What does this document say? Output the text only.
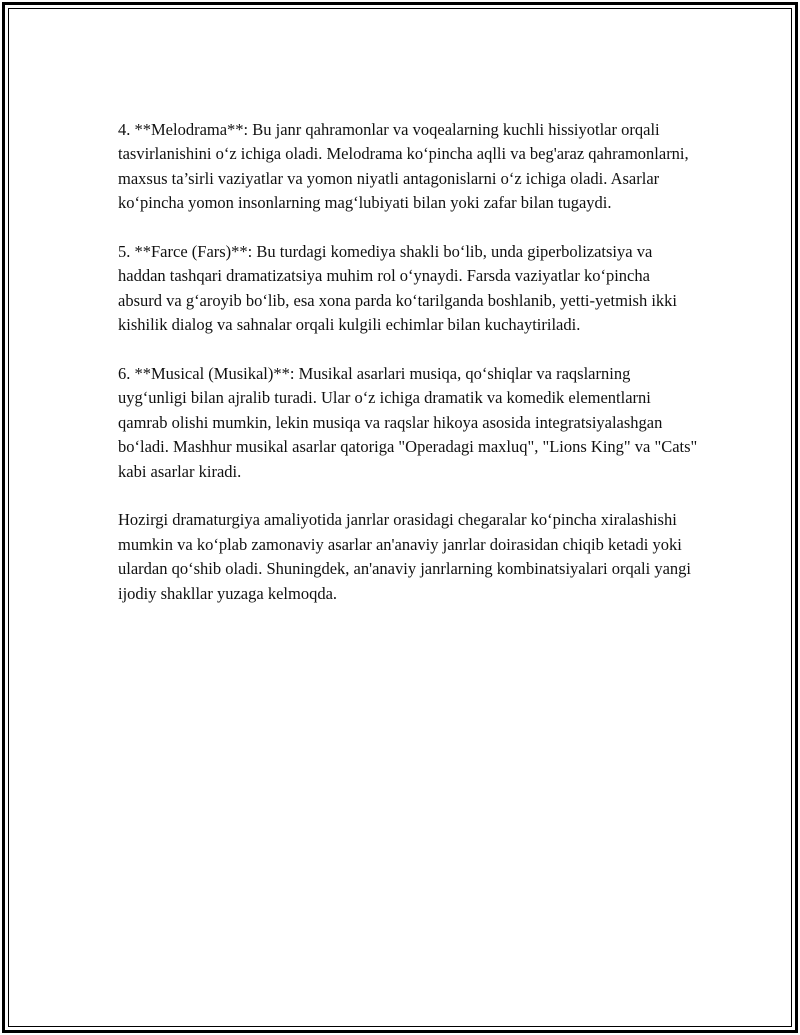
4. **Melodrama**: Bu janr qahramonlar va voqealarning kuchli hissiyotlar orqali tasvirlanishini o‘z ichiga oladi. Melodrama ko‘pincha aqlli va beg'araz qahramonlarni, maxsus ta’sirli vaziyatlar va yomon niyatli antagonislarni o‘z ichiga oladi. Asarlar ko‘pincha yomon insonlarning mag‘lubiyati bilan yoki zafar bilan tugaydi.

5. **Farce (Fars)**: Bu turdagi komediya shakli bo‘lib, unda giperbolizatsiya va haddan tashqari dramatizatsiya muhim rol o‘ynaydi. Farsda vaziyatlar ko‘pincha absurd va g‘aroyib bo‘lib, esa xona parda ko‘tarilganda boshlanib, yetti-yetmish ikki kishilik dialog va sahnalar orqali kulgili echimlar bilan kuchaytiriladi.

6. **Musical (Musikal)**: Musikal asarlari musiqa, qo‘shiqlar va raqslarning uyg‘unligi bilan ajralib turadi. Ular o‘z ichiga dramatik va komedik elementlarni qamrab olishi mumkin, lekin musiqa va raqslar hikoya asosida integratsiyalashgan bo‘ladi. Mashhur musikal asarlar qatoriga "Operadagi maxluq", "Lions King" va "Cats" kabi asarlar kiradi.

Hozirgi dramaturgiya amaliyotida janrlar orasidagi chegaralar ko‘pincha xiralashishi mumkin va ko‘plab zamonaviy asarlar an'anaviy janrlar doirasidan chiqib ketadi yoki ulardan qo‘shib oladi. Shuningdek, an'anaviy janrlarning kombinatsiyalari orqali yangi ijodiy shakllar yuzaga kelmoqda.
